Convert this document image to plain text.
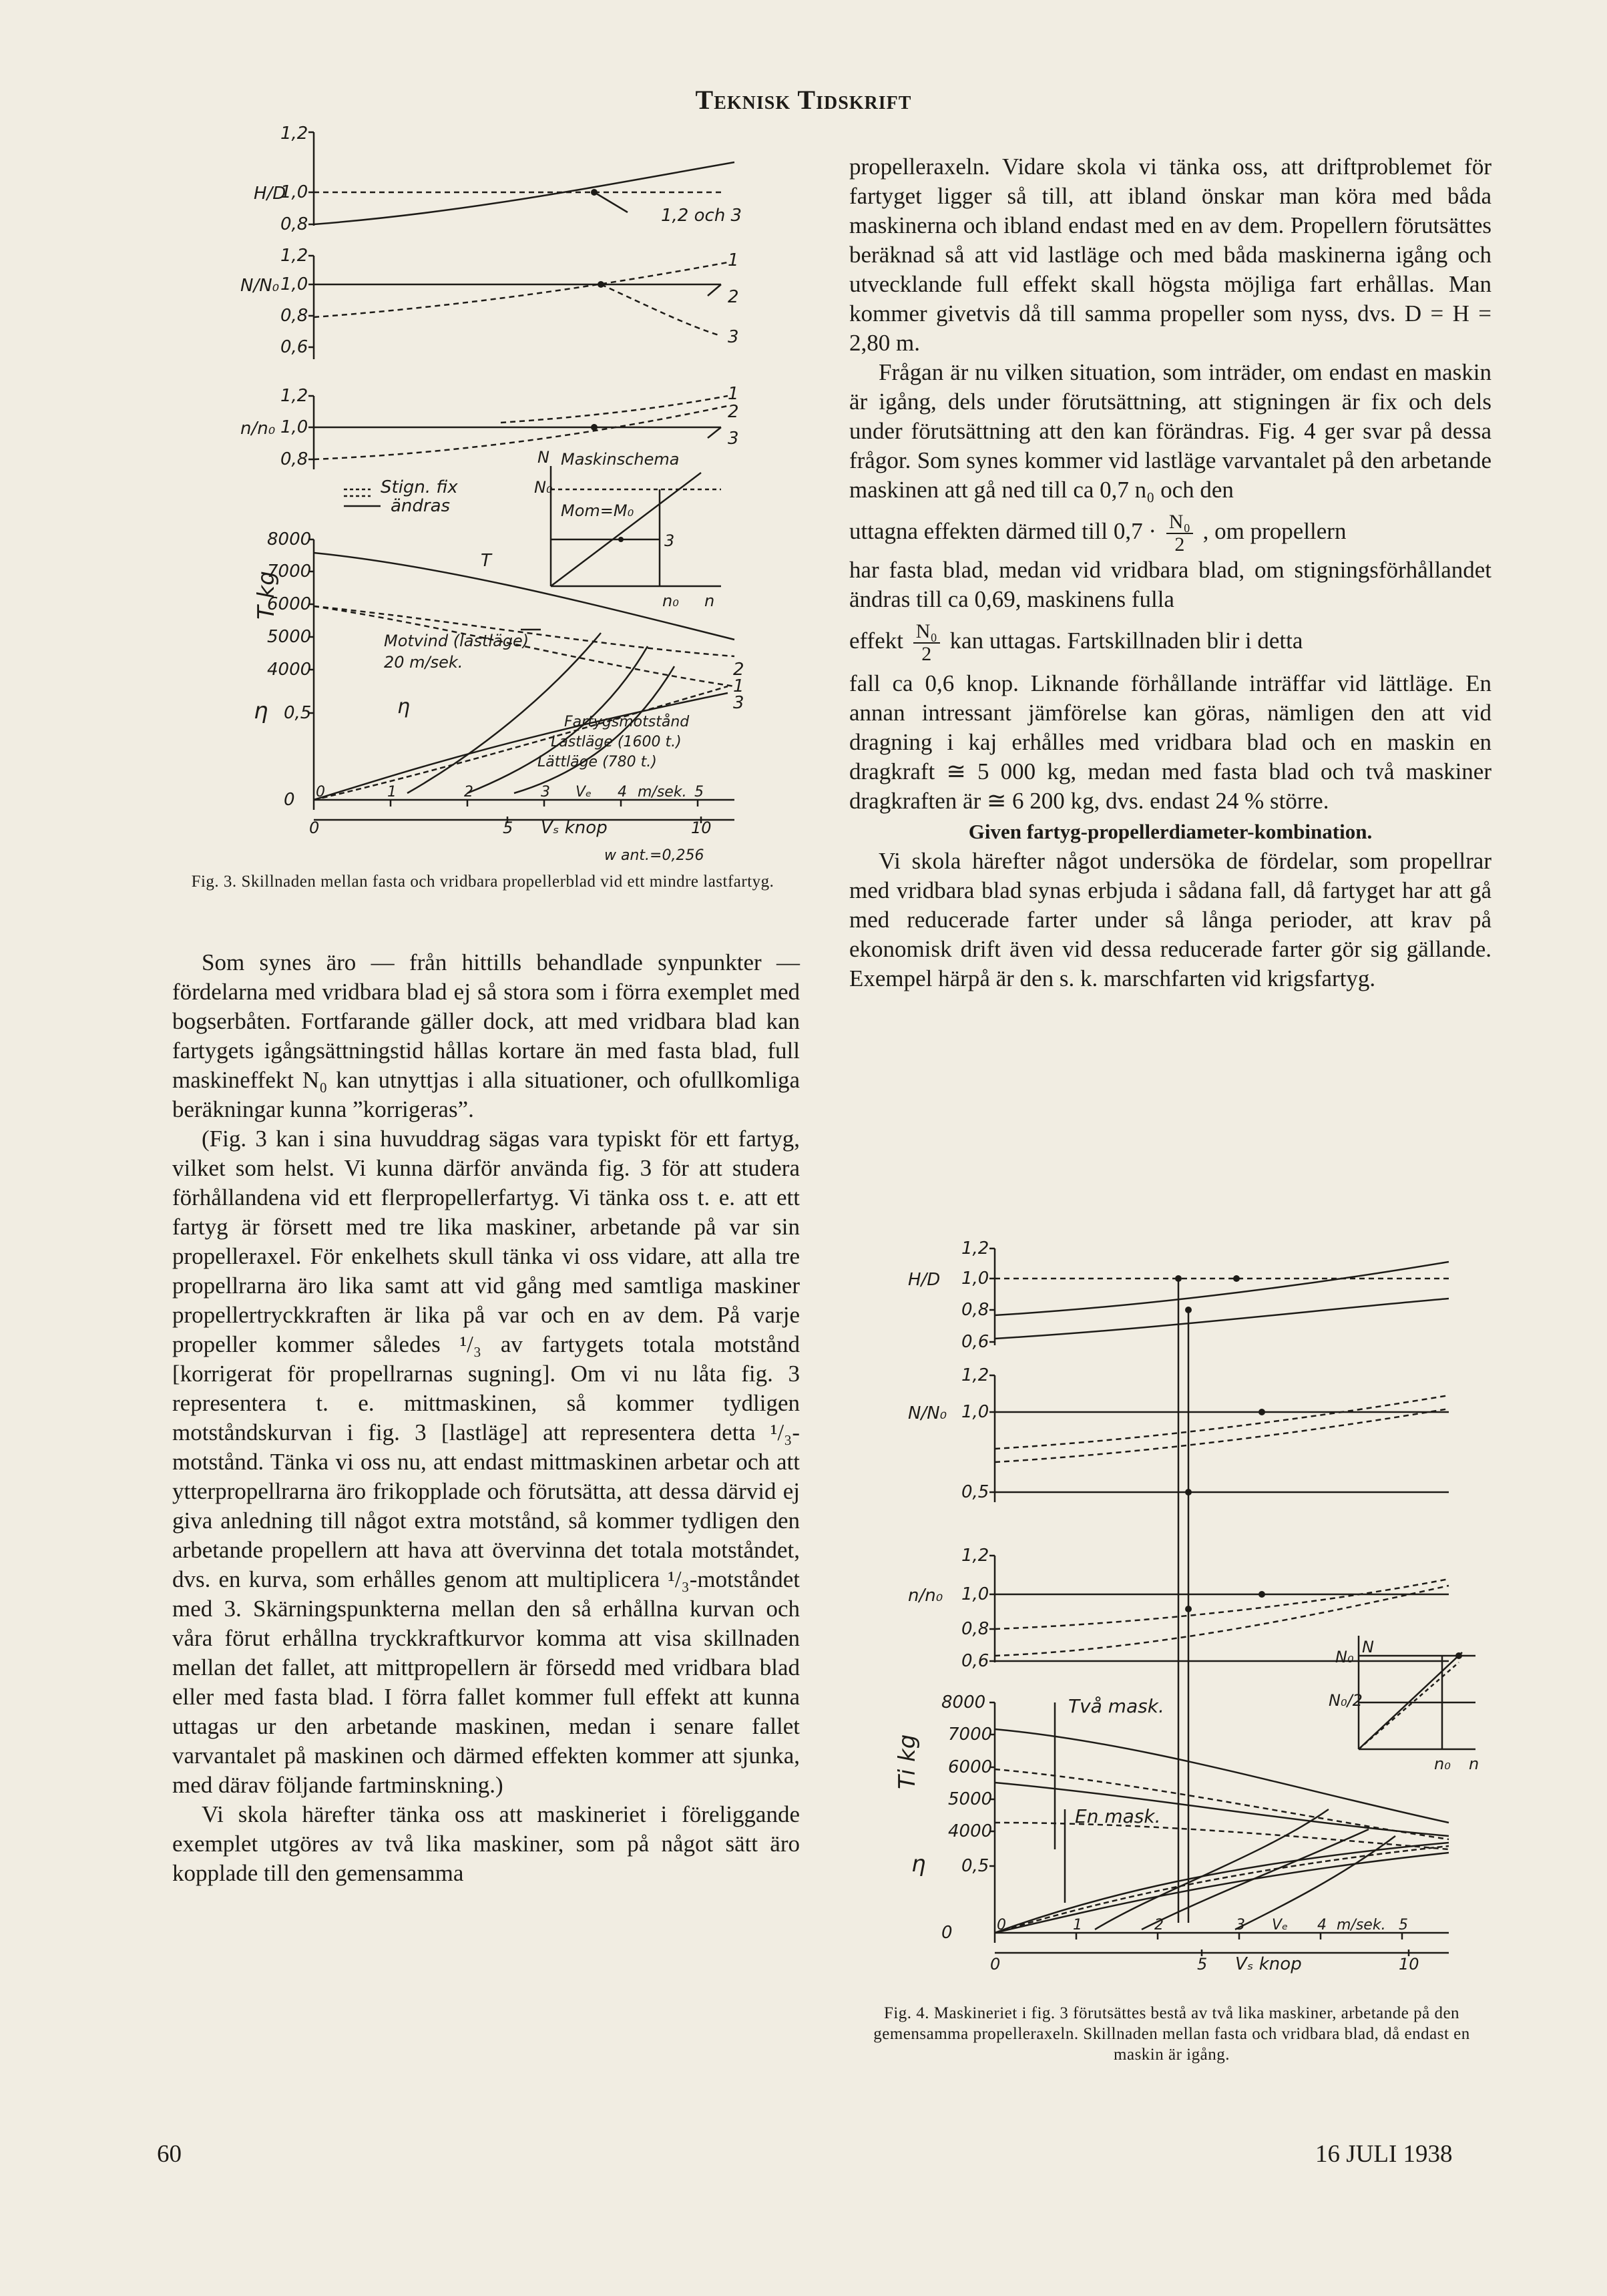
Teknisk Tidskrift
H/D
1,2
1,0
0,8	1,2 och 3
N/N₀
1,2
1,0
0,8
0,6
1
2
3
n/n₀
1,2
1,0
0,8
1
2
3
Stign. fix
ändras
Maskinschema
N
N₀
Mom=M₀
3
n₀ n
T kg
8000
7000
6000
5000
4000
η 0,5
0
T
Motvind (lastläge)
20 m/sek.
η
Fartygsmotstånd
Lastläge (1600 t.)
Lättläge (780 t.)
1
2
3
0	1	2	3	4	5
Vₑ	m/sek.
0	5	10
Vₛ knop
w ant.=0,256
Fig. 3. Skillnaden mellan fasta och vridbara propellerblad vid ett mindre lastfartyg.

Som synes äro — från hittills behandlade synpunkter — fördelarna med vridbara blad ej så stora som i förra exemplet med bogserbåten. Fortfarande gäller dock, att med vridbara blad kan fartygets igångsättningstid hållas kortare än med fasta blad, full maskineffekt N₀ kan utnyttjas i alla situationer, och ofullkomliga beräkningar kunna ”korrigeras”.

(Fig. 3 kan i sina huvuddrag sägas vara typiskt för ett fartyg, vilket som helst. Vi kunna därför använda fig. 3 för att studera förhållandena vid ett flerpropellerfartyg. Vi tänka oss t. e. att ett fartyg är försett med tre lika maskiner, arbetande på var sin propelleraxel. För enkelhets skull tänka vi oss vidare, att alla tre propellrarna äro lika samt att vid gång med samtliga maskiner propellertryckkraften är lika på var och en av dem. På varje propeller kommer således ¹/₃ av fartygets totala motstånd [korrigerat för propellrarnas sugning]. Om vi nu låta fig. 3 representera t. e. mittmaskinen, så kommer tydligen motståndskurvan i fig. 3 [lastläge] att representera detta ¹/₃-motstånd. Tänka vi oss nu, att endast mittmaskinen arbetar och att ytterpropellrarna äro frikopplade och förutsätta, att dessa därvid ej giva anledning till något extra motstånd, så kommer tydligen den arbetande propellern att hava att övervinna det totala motståndet, dvs. en kurva, som erhålles genom att multiplicera ¹/₃-motståndet med 3. Skärningspunkterna mellan den så erhållna kurvan och våra förut erhållna tryckkraftkurvor komma att visa skillnaden mellan det fallet, att mittpropellern är försedd med vridbara blad eller med fasta blad. I förra fallet kommer full effekt att kunna uttagas ur den arbetande maskinen, medan i senare fallet varvantalet på maskinen och därmed effekten kommer att sjunka, med därav följande fartminskning.)

Vi skola härefter tänka oss att maskineriet i föreliggande exemplet utgöres av två lika maskiner, som på något sätt äro kopplade till den gemensamma

propelleraxeln. Vidare skola vi tänka oss, att driftproblemet för fartyget ligger så till, att ibland önskar man köra med båda maskinerna och ibland endast med en av dem. Propellern förutsättes beräknad så att vid lastläge och med båda maskinerna igång och utvecklande full effekt skall högsta möjliga fart erhållas. Man kommer givetvis då till samma propeller som nyss, dvs. D = H = 2,80 m.

Frågan är nu vilken situation, som inträder, om endast en maskin är igång, dels under förutsättning, att stigningen är fix och dels under förutsättning att den kan förändras. Fig. 4 ger svar på dessa frågor. Som synes kommer vid lastläge varvantalet på den arbetande maskinen att gå ned till ca 0,7 n₀ och den

uttagna effekten därmed till $0,7 \cdot \frac{\text{N₀}}{2}$ , om propellern

har fasta blad, medan vid vridbara blad, om stigningsförhållandet ändras till ca 0,69, maskinens fulla

effekt $\frac{\text{N₀}}{2}$ kan uttagas. Fartskillnaden blir i detta

fall ca 0,6 knop. Liknande förhållande inträffar vid lättläge. En annan intressant jämförelse kan göras, nämligen den att vid dragning i kaj erhålles med vridbara blad och en maskin en dragkraft ≅ 5 000 kg, medan med fasta blad och två maskiner dragkraften är ≅ 6 200 kg, dvs. endast 24 % större.

Given fartyg-propellerdiameter-kombination.

Vi skola härefter något undersöka de fördelar, som propellrar med vridbara blad synas erbjuda i sådana fall, då fartyget har att gå med reducerade farter under så långa perioder, att krav på ekonomisk drift även vid dessa reducerade farter gör sig gällande. Exempel härpå är den s. k. marschfarten vid krigsfartyg.

H/D
1,2
1,0
0,8
0,6
N/N₀
1,2
1,0
0,5
n/n₀
1,2
1,0
0,8
0,6	N₀
N₀/2
N
n₀ n
Ti kg
8000
7000
6000
5000
4000
η 0,5
0
Två mask.
En mask.
0	1	2	3	4	5
Vₑ	m/sek.
0	5	10
Vₛ knop
Fig. 4. Maskineriet i fig. 3 förutsättes bestå av två lika maskiner, arbetande på den gemensamma propelleraxeln. Skillnaden mellan fasta och vridbara blad, då endast en maskin är igång.
60	16 JULI 1938
